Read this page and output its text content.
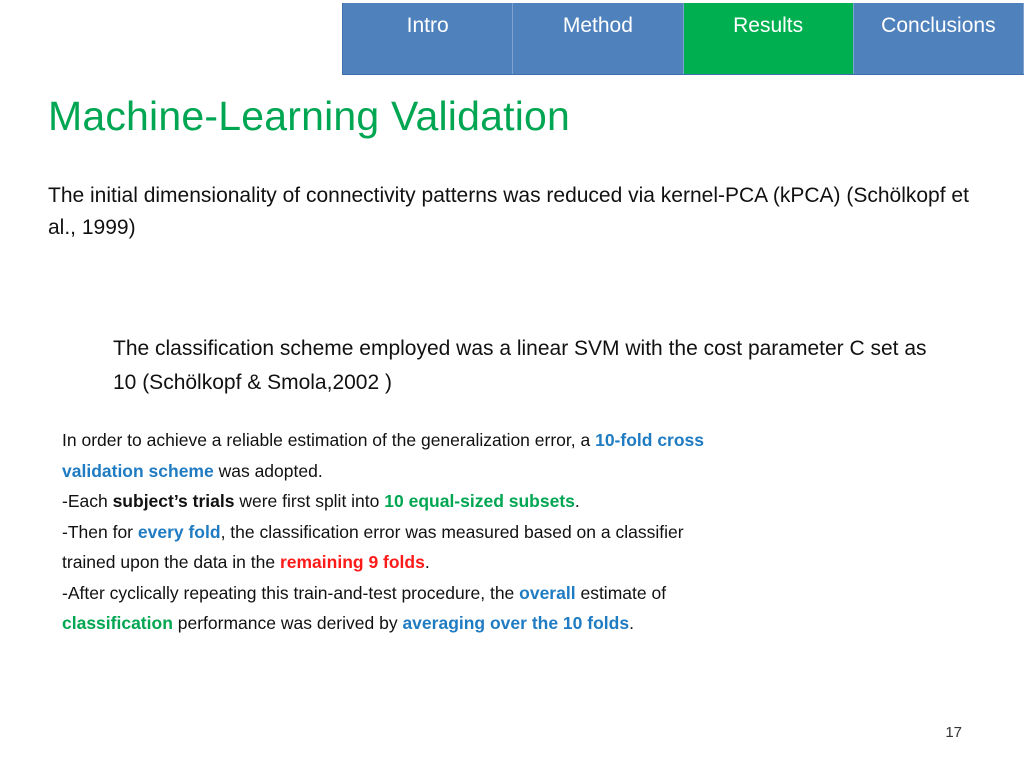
Intro	Method	Results	Conclusions
Machine-Learning Validation
The initial dimensionality of connectivity patterns was reduced via kernel-PCA (kPCA) (Schölkopf et al., 1999)
The classification scheme employed was a linear SVM with the cost parameter C set as 10 (Schölkopf & Smola,2002 )
In order to achieve a reliable estimation of the generalization error, a 10-fold cross
validation scheme was adopted.
-Each subject’s trials were first split into 10 equal-sized subsets.
-Then for every fold, the classification error was measured based on a classifier
trained upon the data in the remaining 9 folds.
-After cyclically repeating this train-and-test procedure, the overall estimate of
classification performance was derived by averaging over the 10 folds.
17
